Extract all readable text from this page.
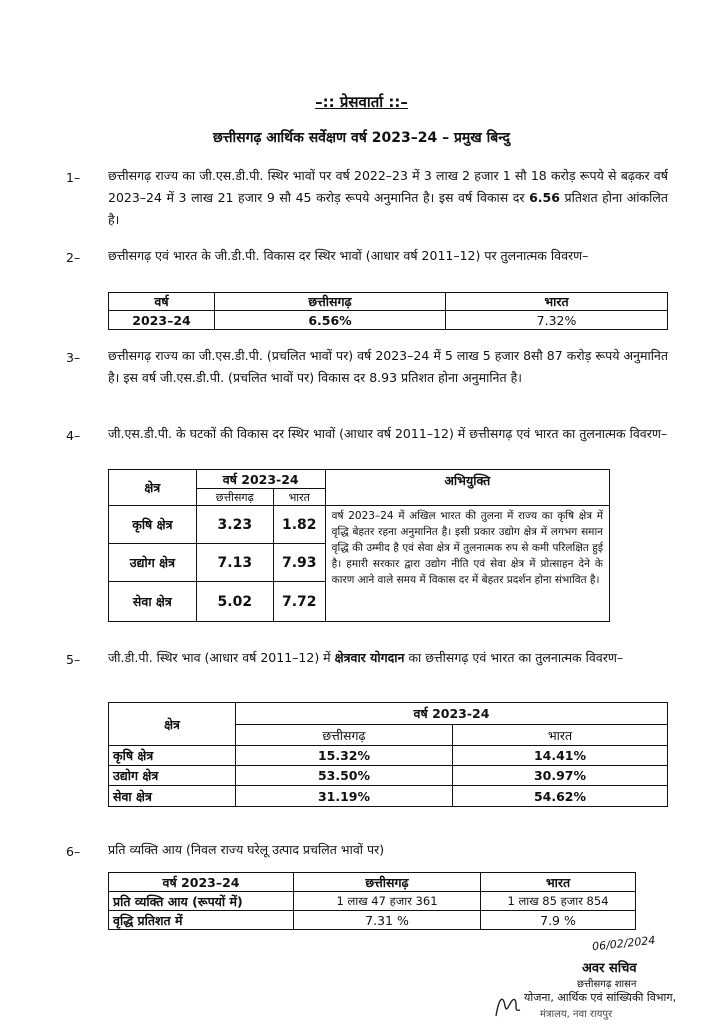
–:: प्रेसवार्ता ::–
छत्तीसगढ़ आर्थिक सर्वेक्षण वर्ष 2023–24 – प्रमुख बिन्दु
1– छत्तीसगढ़ राज्य का जी.एस.डी.पी. स्थिर भावों पर वर्ष 2022–23 में 3 लाख 2 हजार 1 सौ 18 करोड़ रूपये से बढ़कर वर्ष 2023–24 में 3 लाख 21 हजार 9 सौ 45 करोड़ रूपये अनुमानित है। इस वर्ष विकास दर 6.56 प्रतिशत होना आंकलित है।
2– छत्तीसगढ़ एवं भारत के जी.डी.पी. विकास दर स्थिर भावों (आधार वर्ष 2011–12) पर तुलनात्मक विवरण–
वर्ष	छत्तीसगढ़	भारत
2023–24	6.56%	7.32%
3– छत्तीसगढ़ राज्य का जी.एस.डी.पी. (प्रचलित भावों पर) वर्ष 2023–24 में 5 लाख 5 हजार 8सौ 87 करोड़ रूपये अनुमानित है। इस वर्ष जी.एस.डी.पी. (प्रचलित भावों पर) विकास दर 8.93 प्रतिशत होना अनुमानित है।
4– जी.एस.डी.पी. के घटकों की विकास दर स्थिर भावों (आधार वर्ष 2011–12) में छत्तीसगढ़ एवं भारत का तुलनात्मक विवरण–
क्षेत्र	वर्ष 2023-24		अभियुक्ति
	छत्तीसगढ़	भारत	
कृषि क्षेत्र	3.23	1.82	वर्ष 2023–24 में अखिल भारत की तुलना में राज्य का कृषि क्षेत्र में वृद्धि बेहतर रहना अनुमानित है। इसी प्रकार उद्योग क्षेत्र में लगभग समान वृद्धि की उम्मीद है एवं सेवा क्षेत्र में तुलनात्मक रुप से कमी परिलक्षित हुई है। हमारी सरकार द्वारा उद्योग नीति एवं सेवा क्षेत्र में प्रोत्साहन देने के कारण आने वाले समय में विकास दर में बेहतर प्रदर्शन होना संभावित है।
उद्योग क्षेत्र	7.13	7.93	
सेवा क्षेत्र	5.02	7.72	
5– जी.डी.पी. स्थिर भाव (आधार वर्ष 2011–12) में क्षेत्रवार योगदान का छत्तीसगढ़ एवं भारत का तुलनात्मक विवरण–
क्षेत्र	वर्ष 2023-24	
	छत्तीसगढ़	भारत
कृषि क्षेत्र	15.32%	14.41%
उद्योग क्षेत्र	53.50%	30.97%
सेवा क्षेत्र	31.19%	54.62%
6– प्रति व्यक्ति आय (निवल राज्य घरेलू उत्पाद प्रचलित भावों पर)
वर्ष 2023–24	छत्तीसगढ़	भारत
प्रति व्यक्ति आय (रूपयों में)	1 लाख 47 हजार 361	1 लाख 85 हजार 854
वृद्धि प्रतिशत में	7.31 %	7.9 %
06/02/2024
अवर सचिव
छत्तीसगढ़ शासन
योजना, आर्थिक एवं सांख्यिकी विभाग,
मंत्रालय, नवा रायपुर
